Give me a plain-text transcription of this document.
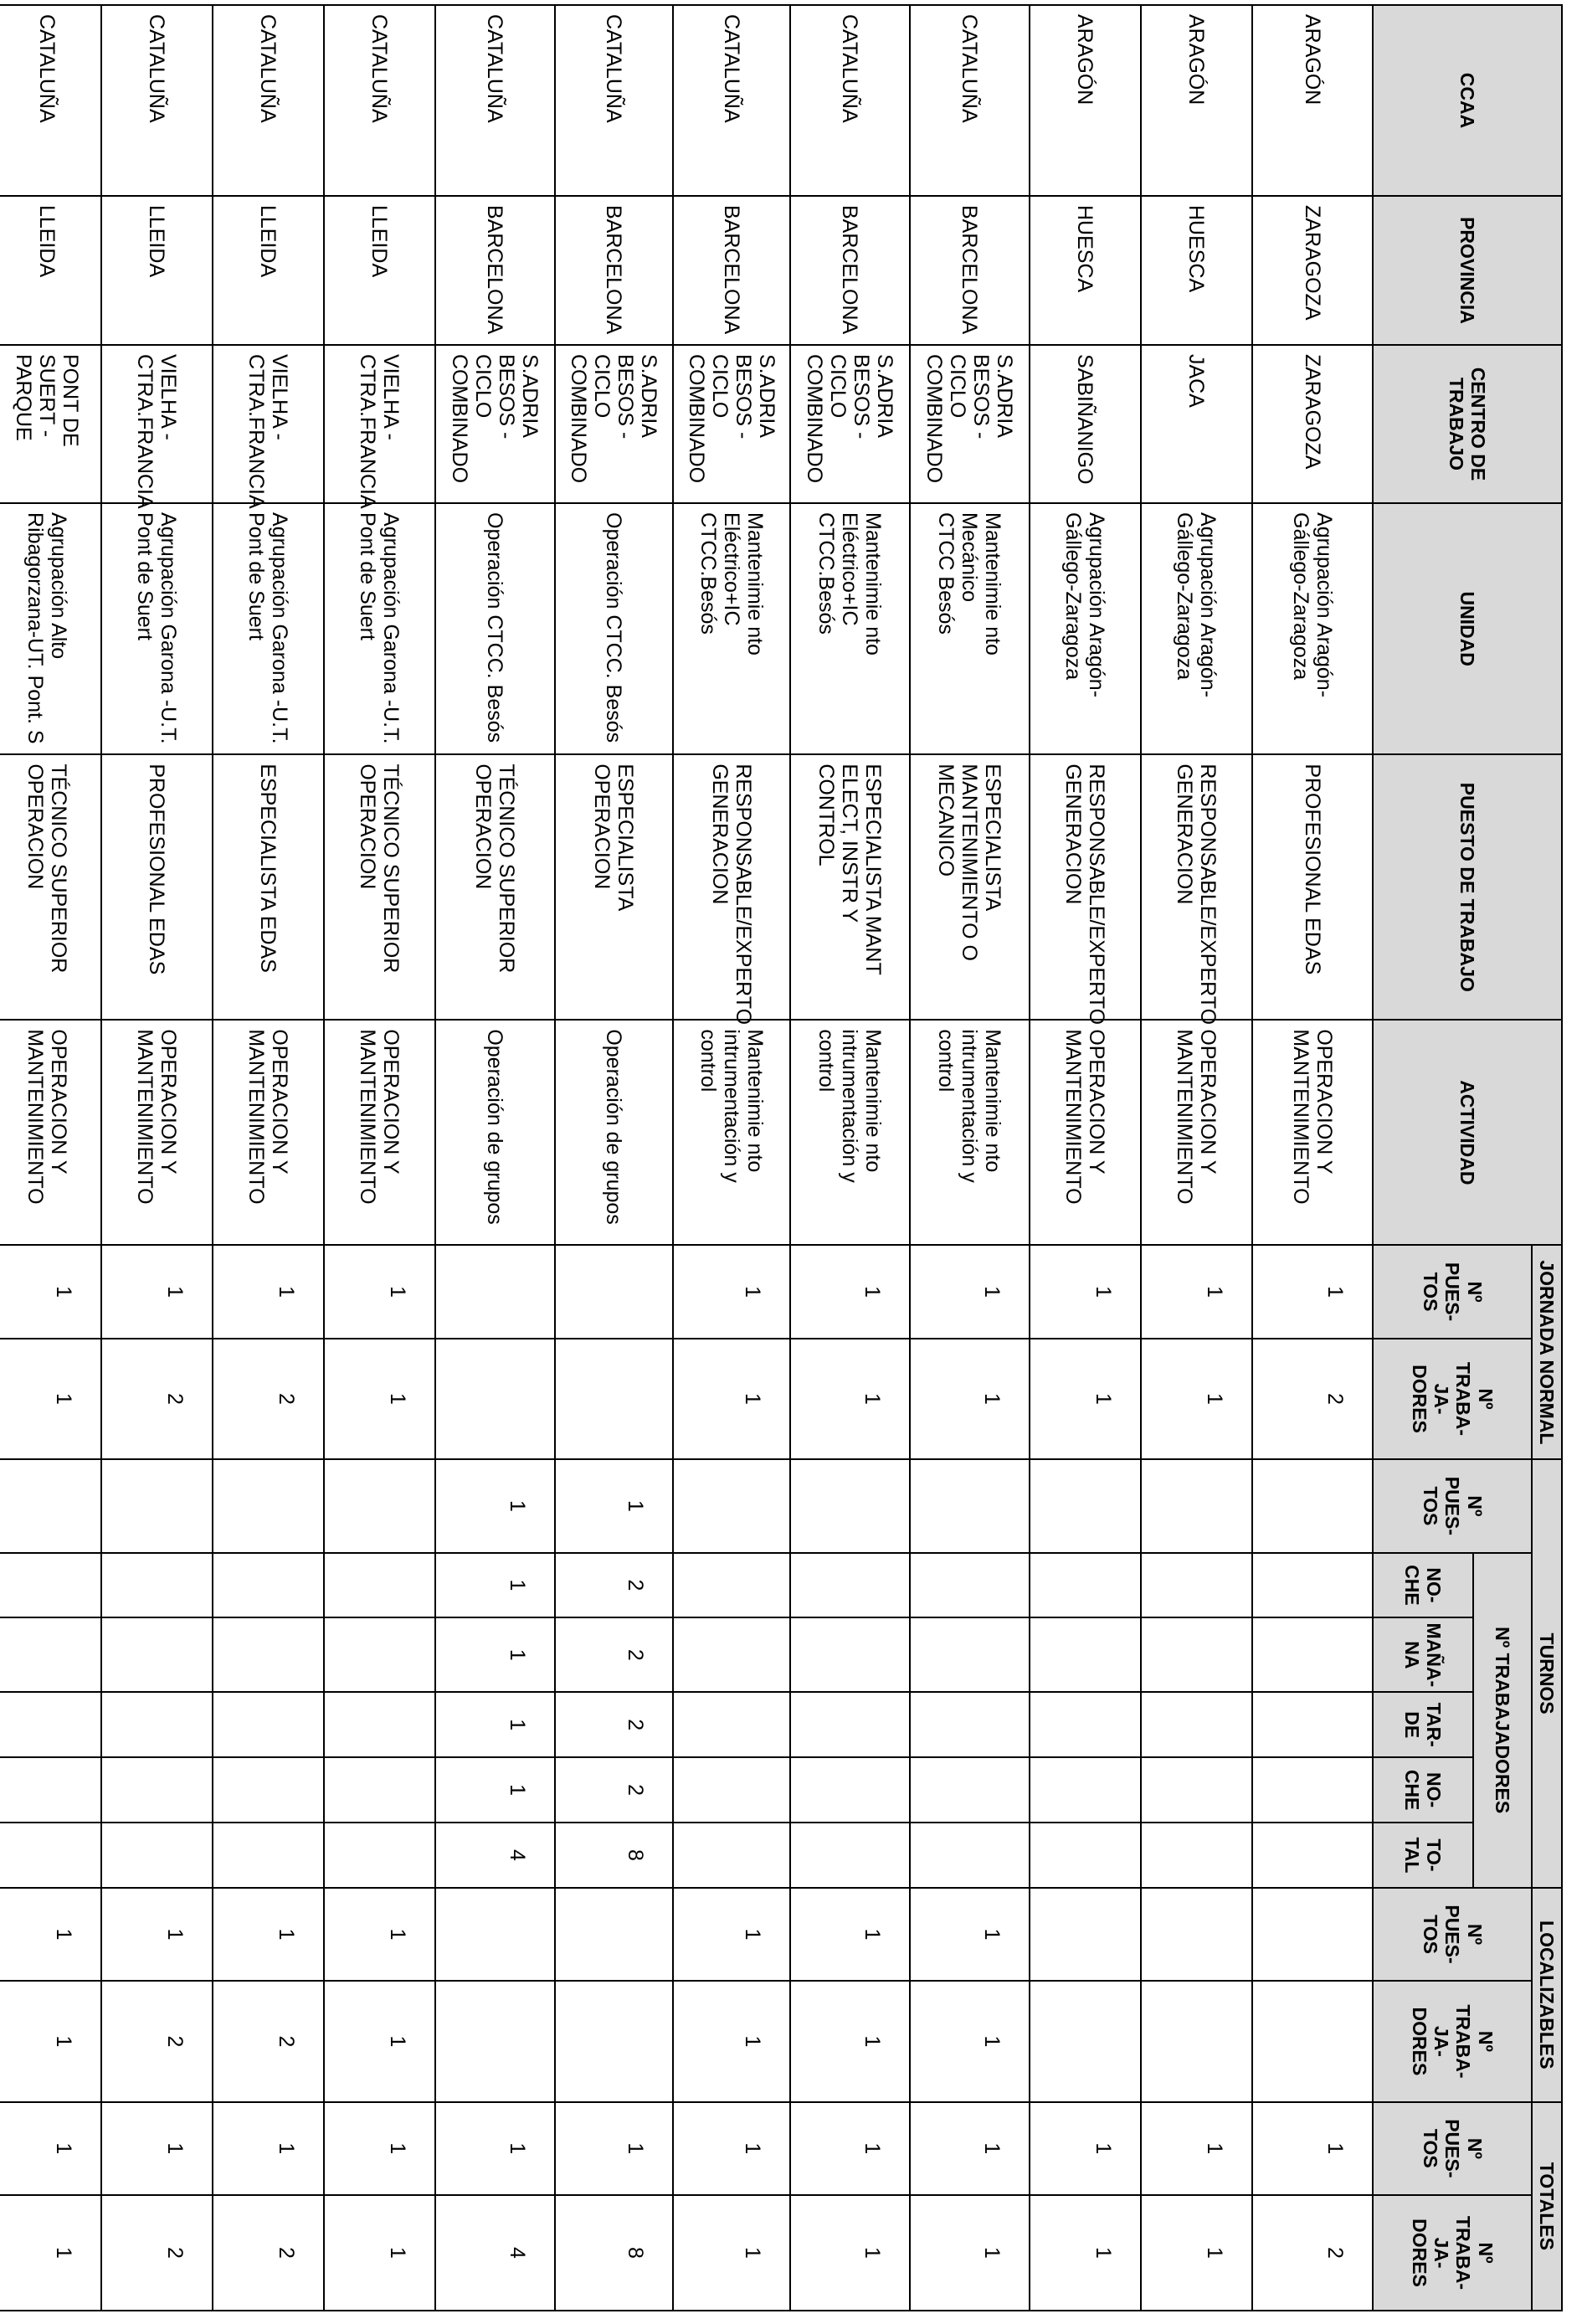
CCAA	PROVINCIA	CENTRO DE TRABAJO	UNIDAD	PUESTO DE TRABAJO	ACTIVIDAD	JORNADA NORMAL		TURNOS						LOCALIZABLES		TOTALES	
						Nº
PUES-
TOS	Nº
TRABA-
JA-
DORES	Nº
PUES-
TOS	Nº TRABAJADORES					Nº
PUES-
TOS	Nº
TRABA-
JA-
DORES	Nº
PUES-
TOS	Nº
TRABA-
JA-
DORES
									NO-
CHE	MAÑA-
NA	TAR-
DE	NO-
CHE	TO-
TAL				
ARAGÓN	ZARAGOZA	ZARAGOZA	Agrupación Aragón-
Gállego-Zaragoza	PROFESIONAL EDAS	OPERACION Y
MANTENIMIENTO	1	2									1	2
ARAGÓN	HUESCA	JACA	Agrupación Aragón-
Gállego-Zaragoza	RESPONSABLE/EXPERTO
GENERACION	OPERACION Y
MANTENIMIENTO	1	1									1	1
ARAGÓN	HUESCA	SABIÑANIGO	Agrupación Aragón-
Gállego-Zaragoza	RESPONSABLE/EXPERTO
GENERACION	OPERACION Y
MANTENIMIENTO	1	1									1	1
CATALUÑA	BARCELONA	S.ADRIA BESOS -
CICLO
COMBINADO	Mantenimie nto Mecánico
CTCC Besós	ESPECIALISTA
MANTENIMIENTO O
MECANICO	Mantenimie nto
intrumentación y
control	1	1							1	1	1	1
CATALUÑA	BARCELONA	S.ADRIA BESOS -
CICLO
COMBINADO	Mantenimie nto
Eléctrico+IC CTCC.Besós	ESPECIALISTA MANT
ELECT, INSTR Y CONTROL	Mantenimie nto
intrumentación y
control	1	1							1	1	1	1
CATALUÑA	BARCELONA	S.ADRIA BESOS -
CICLO
COMBINADO	Mantenimie nto
Eléctrico+IC CTCC.Besós	RESPONSABLE/EXPERTO
GENERACION	Mantenimie nto
intrumentación y
control	1	1							1	1	1	1
CATALUÑA	BARCELONA	S.ADRIA BESOS -
CICLO
COMBINADO	Operación CTCC. Besós	ESPECIALISTA OPERACION	Operación de grupos			1	2	2	2	2	8			1	8
CATALUÑA	BARCELONA	S.ADRIA BESOS -
CICLO
COMBINADO	Operación CTCC. Besós	TÉCNICO SUPERIOR
OPERACION	Operación de grupos			1	1	1	1	1	4			1	4
CATALUÑA	LLEIDA	VIELHA -
CTRA.FRANCIA	Agrupación Garona -U.T.
Pont de Suert	TÉCNICO SUPERIOR
OPERACION	OPERACION Y
MANTENIMIENTO	1	1							1	1	1	1
CATALUÑA	LLEIDA	VIELHA -
CTRA.FRANCIA	Agrupación Garona -U.T.
Pont de Suert	ESPECIALISTA EDAS	OPERACION Y
MANTENIMIENTO	1	2							1	2	1	2
CATALUÑA	LLEIDA	VIELHA -
CTRA.FRANCIA	Agrupación Garona -U.T.
Pont de Suert	PROFESIONAL EDAS	OPERACION Y
MANTENIMIENTO	1	2							1	2	1	2
CATALUÑA	LLEIDA	PONT DE SUERT -
PARQUE	Agrupación Alto
Ribagorzana-UT. Pont. S	TÉCNICO SUPERIOR
OPERACION	OPERACION Y
MANTENIMIENTO	1	1							1	1	1	1
